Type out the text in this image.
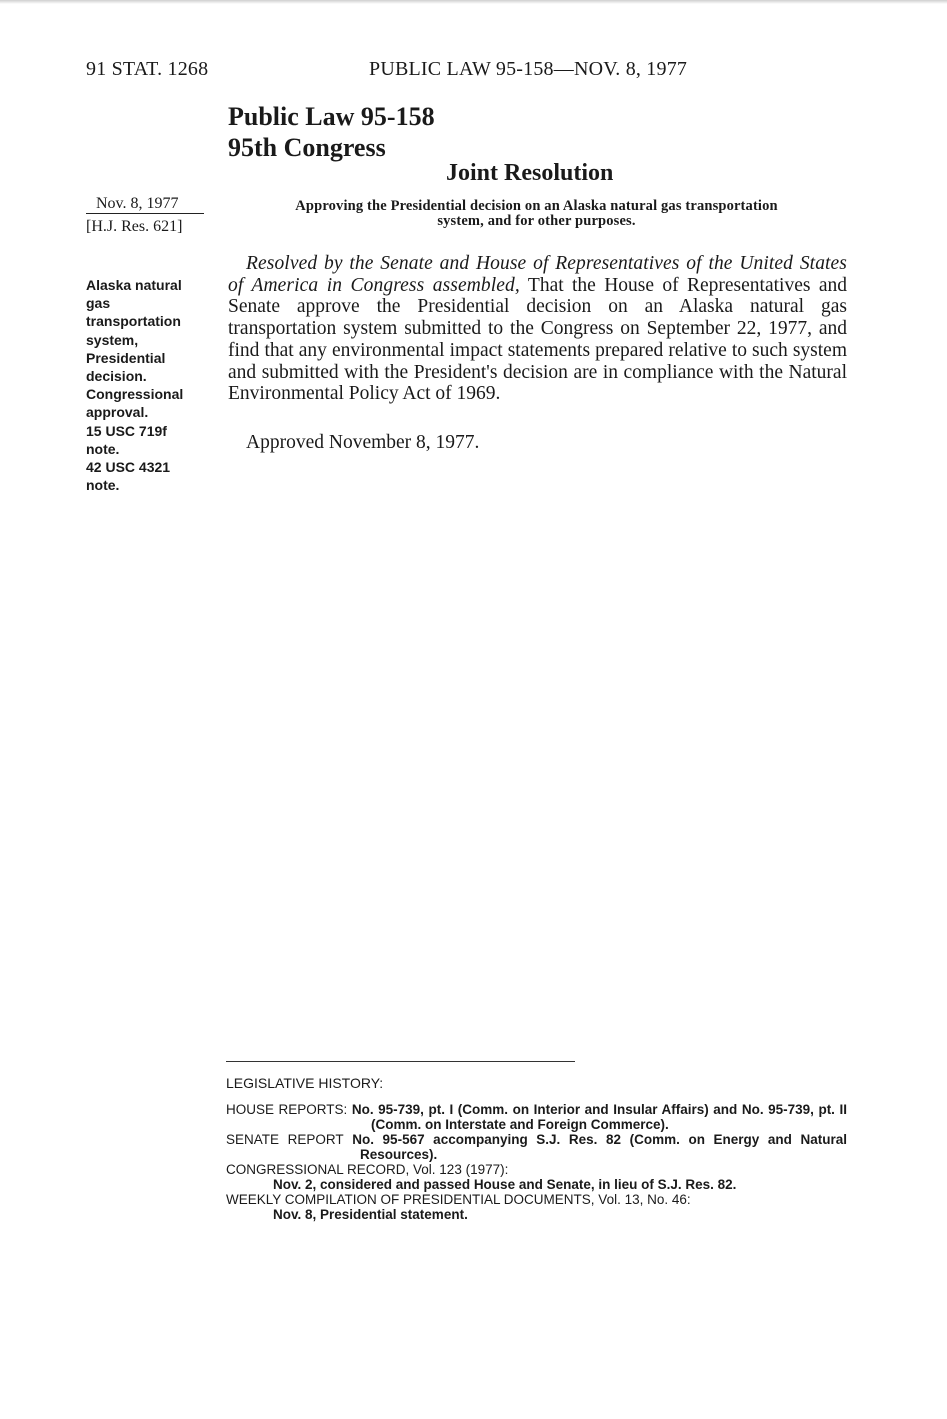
91 STAT. 1268	PUBLIC LAW 95-158—NOV. 8, 1977
Public Law 95-158
95th Congress
Joint Resolution
Nov. 8, 1977
[H.J. Res. 621]
Alaska natural
gas
transportation
system,
Presidential
decision.
Congressional
approval.
15 USC 719f
note.
42 USC 4321
note.
Approving the Presidential decision on an Alaska natural gas transportation
system, and for other purposes.
Resolved by the Senate and House of Representatives of the United States of America in Congress assembled, That the House of Representatives and Senate approve the Presidential decision on an Alaska natural gas transportation system submitted to the Congress on September 22, 1977, and find that any environmental impact statements prepared relative to such system and submitted with the President's decision are in compliance with the Natural Environmental Policy Act of 1969.
Approved November 8, 1977.
LEGISLATIVE HISTORY:
HOUSE REPORTS: No. 95-739, pt. I (Comm. on Interior and Insular Affairs) and No. 95-739, pt. II (Comm. on Interstate and Foreign Commerce).
SENATE REPORT No. 95-567 accompanying S.J. Res. 82 (Comm. on Energy and Natural Resources).
CONGRESSIONAL RECORD, Vol. 123 (1977):
Nov. 2, considered and passed House and Senate, in lieu of S.J. Res. 82.
WEEKLY COMPILATION OF PRESIDENTIAL DOCUMENTS, Vol. 13, No. 46:
Nov. 8, Presidential statement.
